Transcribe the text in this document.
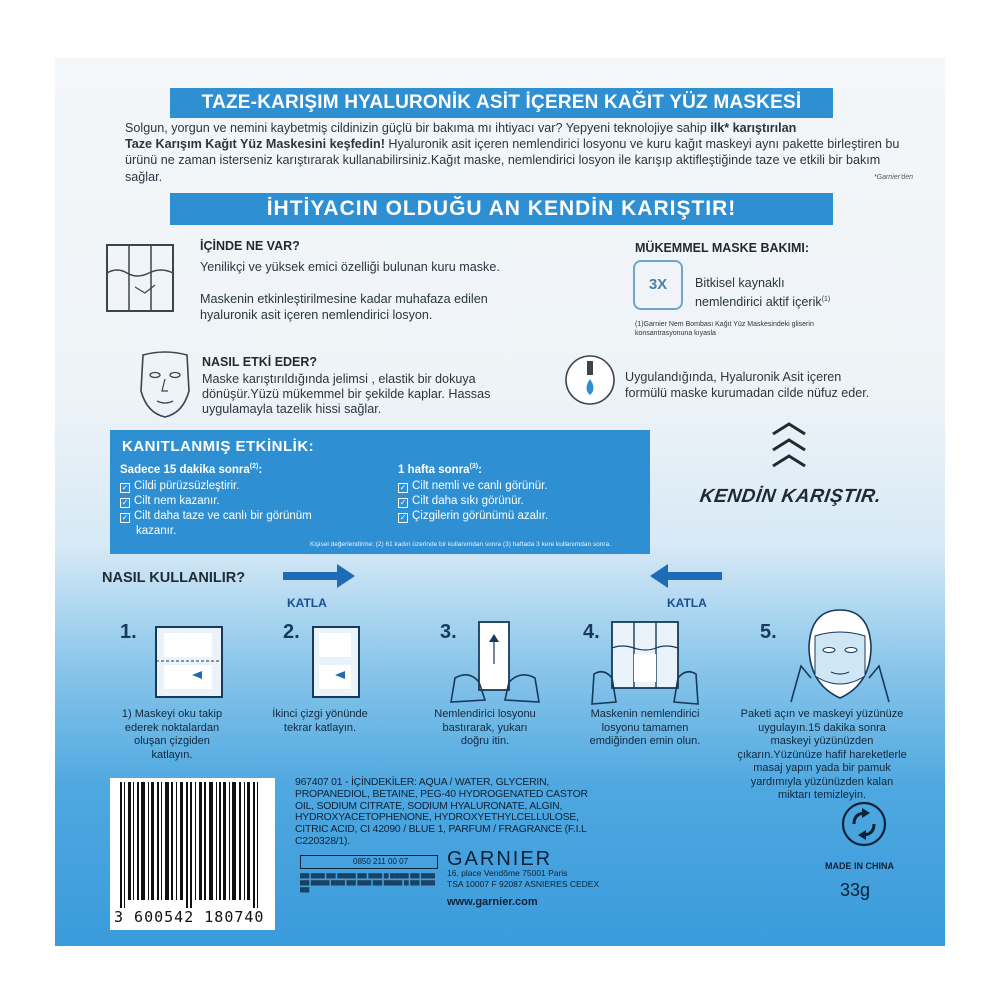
TAZE-KARIŞIM HYALURONİK ASİT İÇEREN KAĞIT YÜZ MASKESİ
Solgun, yorgun ve nemini kaybetmiş cildinizin güçlü bir bakıma mı ihtiyacı var? Yepyeni teknolojiye sahip ilk* karıştırılan
Taze Karışım Kağıt Yüz Maskesini keşfedin! Hyaluronik asit içeren nemlendirici losyonu ve kuru kağıt maskeyi aynı pakette birleştiren bu ürünü ne zaman isterseniz karıştırarak kullanabilirsiniz.Kağıt maske, nemlendirici losyon ile karışıp aktifleştiğinde taze ve etkili bir bakım sağlar.	*Garnier'den
İHTİYACIN OLDUĞU AN KENDİN KARIŞTIR!
İÇİNDE NE VAR?
Yenilikçi ve yüksek emici özelliği bulunan kuru maske.
Maskenin etkinleştirilmesine kadar muhafaza edilen
hyaluronik asit içeren nemlendirici losyon.
MÜKEMMEL MASKE BAKIMI:
3X	Bitkisel kaynaklı
nemlendirici aktif içerik$^{(1)}$
(1)Garnier Nem Bombası Kağıt Yüz Maskesindeki gliserin
konsantrasyonuna kıyasla
NASIL ETKİ EDER?
Maske karıştırıldığında jelimsi , elastik bir dokuya
dönüşür.Yüzü mükemmel bir şekilde kaplar. Hassas
uygulamayla tazelik hissi sağlar.
Uygulandığında, Hyaluronik Asit içeren
formülü maske kurumadan cilde nüfuz eder.
KANITLANMIŞ ETKİNLİK:
Sadece 15 dakika sonra$^{(2)}$:
✓ Cildi pürüzsüzleştirir.
✓ Cilt nem kazanır.
✓ Cilt daha taze ve canlı bir görünüm
kazanır.
1 hafta sonra$^{(3)}$:
✓ Cilt nemli ve canlı görünür.
✓ Cilt daha sıkı görünür.
✓ Çizgilerin görünümü azalır.
Kişisel değerlendirme: (2) 61 kadın üzerinde bir kullanımdan sonra (3) haftada 3 kere kullanımdan sonra.
KENDİN KARIŞTIR.
NASIL KULLANILIR?
KATLA	KATLA
1.
1) Maskeyi oku takip
ederek noktalardan
oluşan çizgiden
katlayın.
2.
İkinci çizgi yönünde
tekrar katlayın.
3.
Nemlendirici losyonu
bastırarak, yukarı
doğru itin.
4.
Maskenin nemlendirici
losyonu tamamen
emdiğinden emin olun.
5.
Paketi açın ve maskeyi yüzünüze
uygulayın.15 dakika sonra
maskeyi yüzünüzden
çıkarın.Yüzünüze hafif hareketlerle
masaj yapın yada bir pamuk
yardımıyla yüzünüzden kalan
miktarı temizleyin.
3 600542 180740
967407 01 - İÇİNDEKİLER: AQUA / WATER, GLYCERIN, PROPANEDIOL, BETAINE, PEG-40 HYDROGENATED CASTOR OIL, SODIUM CITRATE, SODIUM HYALURONATE, ALGIN, HYDROXYACETOPHENONE, HYDROXYETHYLCELLULOSE, CITRIC ACID, CI 42090 / BLUE 1, PARFUM / FRAGRANCE (F.I.L C220328/1).
0850 211 00 07
▆▆ ▆▆▆ ▆▆ ▆▆▆▆ ▆▆ ▆▆▆ ▆ ▆▆▆▆ ▆▆ ▆▆▆ ▆▆ ▆▆▆▆ ▆▆▆ ▆▆ ▆▆▆ ▆▆ ▆▆▆▆ ▆ ▆▆ ▆▆▆ ▆▆
GARNIER
16, place Vendôme 75001 Paris
TSA 10007 F 92087 ASNIERES CEDEX
www.garnier.com
MADE IN CHINA
33g
